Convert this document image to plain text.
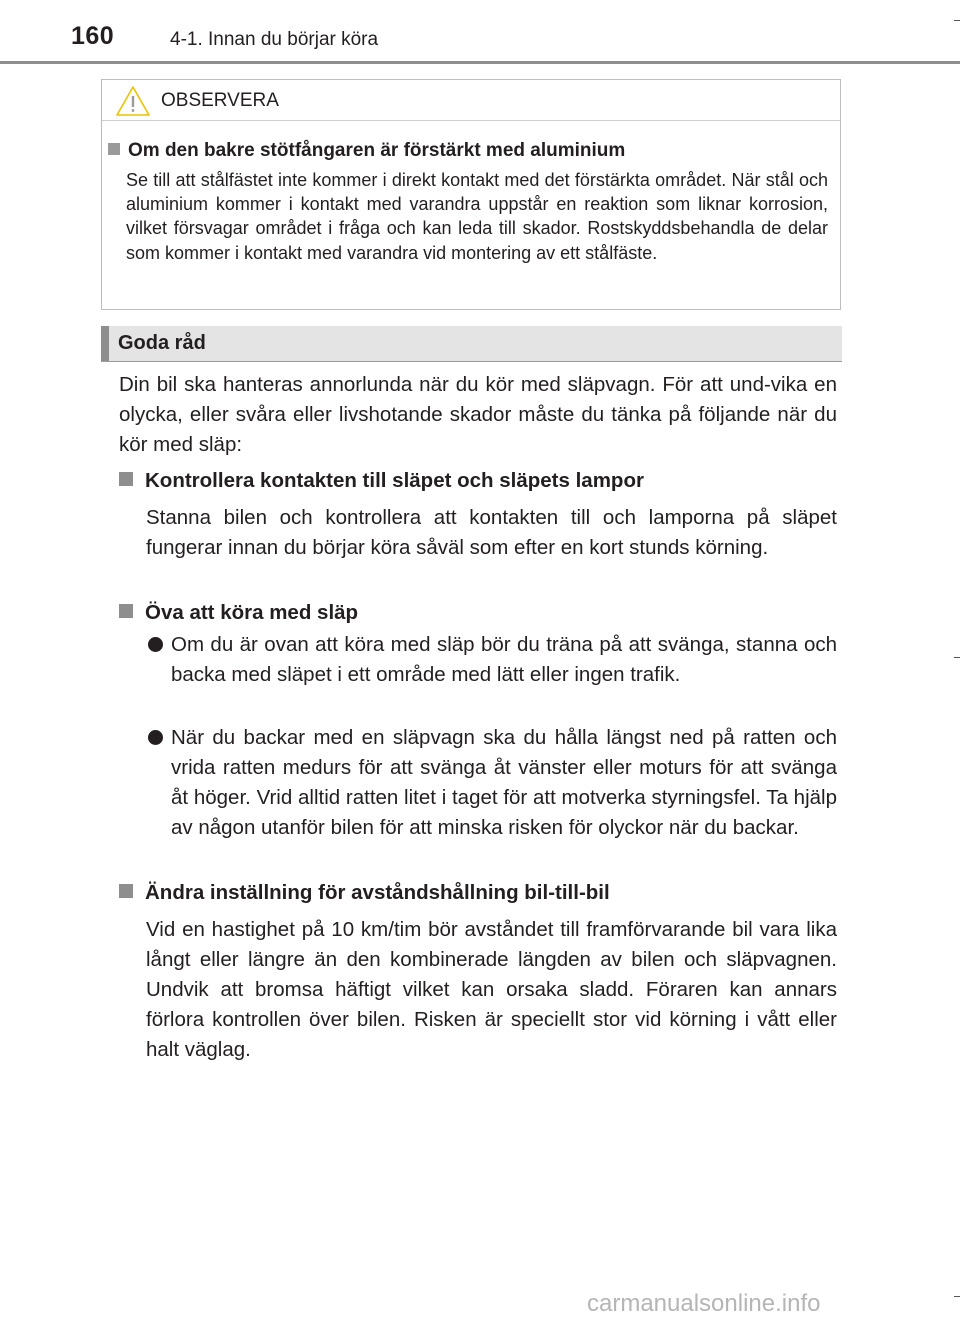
160	4-1. Innan du börjar köra
OBSERVERA
Om den bakre stötfångaren är förstärkt med aluminium

Se till att stålfästet inte kommer i direkt kontakt med det förstärkta området. När stål och aluminium kommer i kontakt med varandra uppstår en reaktion som liknar korrosion, vilket försvagar området i fråga och kan leda till skador. Rostskyddsbehandla de delar som kommer i kontakt med varandra vid montering av ett stålfäste.

Goda råd

Din bil ska hanteras annorlunda när du kör med släpvagn. För att und-vika en olycka, eller svåra eller livshotande skador måste du tänka på följande när du kör med släp:

Kontrollera kontakten till släpet och släpets lampor

Stanna bilen och kontrollera att kontakten till och lamporna på släpet fungerar innan du börjar köra såväl som efter en kort stunds körning.

Öva att köra med släp

Om du är ovan att köra med släp bör du träna på att svänga, stanna och backa med släpet i ett område med lätt eller ingen trafik.

När du backar med en släpvagn ska du hålla längst ned på ratten och vrida ratten medurs för att svänga åt vänster eller moturs för att svänga åt höger. Vrid alltid ratten litet i taget för att motverka styrningsfel. Ta hjälp av någon utanför bilen för att minska risken för olyckor när du backar.

Ändra inställning för avståndshållning bil-till-bil

Vid en hastighet på 10 km/tim bör avståndet till framförvarande bil vara lika långt eller längre än den kombinerade längden av bilen och släpvagnen. Undvik att bromsa häftigt vilket kan orsaka sladd. Föraren kan annars förlora kontrollen över bilen. Risken är speciellt stor vid körning i vått eller halt väglag.

carmanualsonline.info
